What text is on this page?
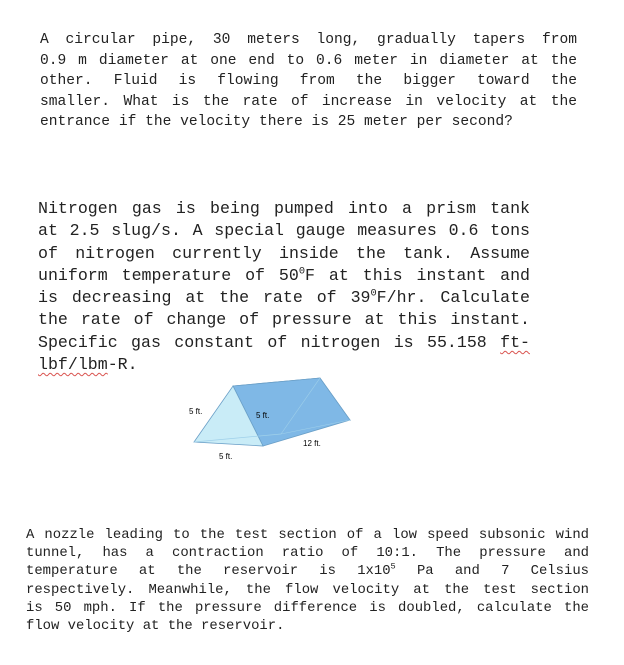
A circular pipe, 30 meters long, gradually tapers from
0.9 m diameter at one end to 0.6 meter in diameter at the
other. Fluid is flowing from the bigger toward the
smaller. What is the rate of increase in velocity at the
entrance if the velocity there is 25 meter per second?
Nitrogen gas is being pumped into a prism tank
at 2.5 slug/s. A special gauge measures 0.6 tons
of nitrogen currently inside the tank. Assume
uniform temperature of $50^0F$ at this instant and
is decreasing at the rate of $39^0F/hr$. Calculate
the rate of change of pressure at this instant.
Specific gas constant of nitrogen is 55.158 ft-
lbf/lbm-R.
5 ft.	5 ft.
12 ft.
5 ft.
A nozzle leading to the test section of a low speed subsonic wind
tunnel, has a contraction ratio of 10:1. The pressure and
temperature at the reservoir is $1x10^5$ Pa and 7 Celsius
respectively. Meanwhile, the flow velocity at the test section
is 50 mph. If the pressure difference is doubled, calculate the
flow velocity at the reservoir.
